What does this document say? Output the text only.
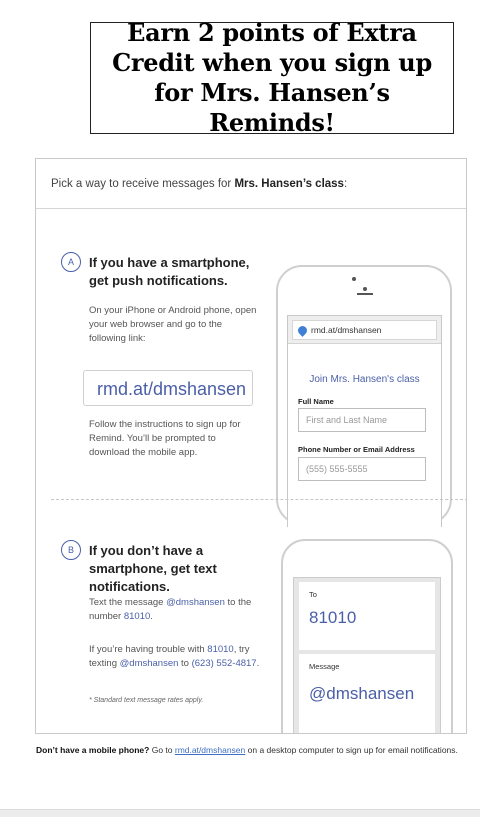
Earn 2 points of Extra Credit when you sign up for Mrs. Hansen’s Reminds!
Pick a way to receive messages for Mrs. Hansen’s class:
A	If you have a smartphone, get push notifications.
On your iPhone or Android phone, open your web browser and go to the following link:
rmd.at/dmshansen
Follow the instructions to sign up for Remind. You’ll be prompted to download the mobile app.
rmd.at/dmshansen
Join Mrs. Hansen's class
Full Name
First and Last Name
Phone Number or Email Address
(555) 555-5555
B	If you don’t have a smartphone, get text notifications.
Text the message @dmshansen to the number 81010.
If you’re having trouble with 81010, try texting @dmshansen to (623) 552-4817.
* Standard text message rates apply.
To
81010
Message
@dmshansen
Don’t have a mobile phone? Go to rmd.at/dmshansen on a desktop computer to sign up for email notifications.
